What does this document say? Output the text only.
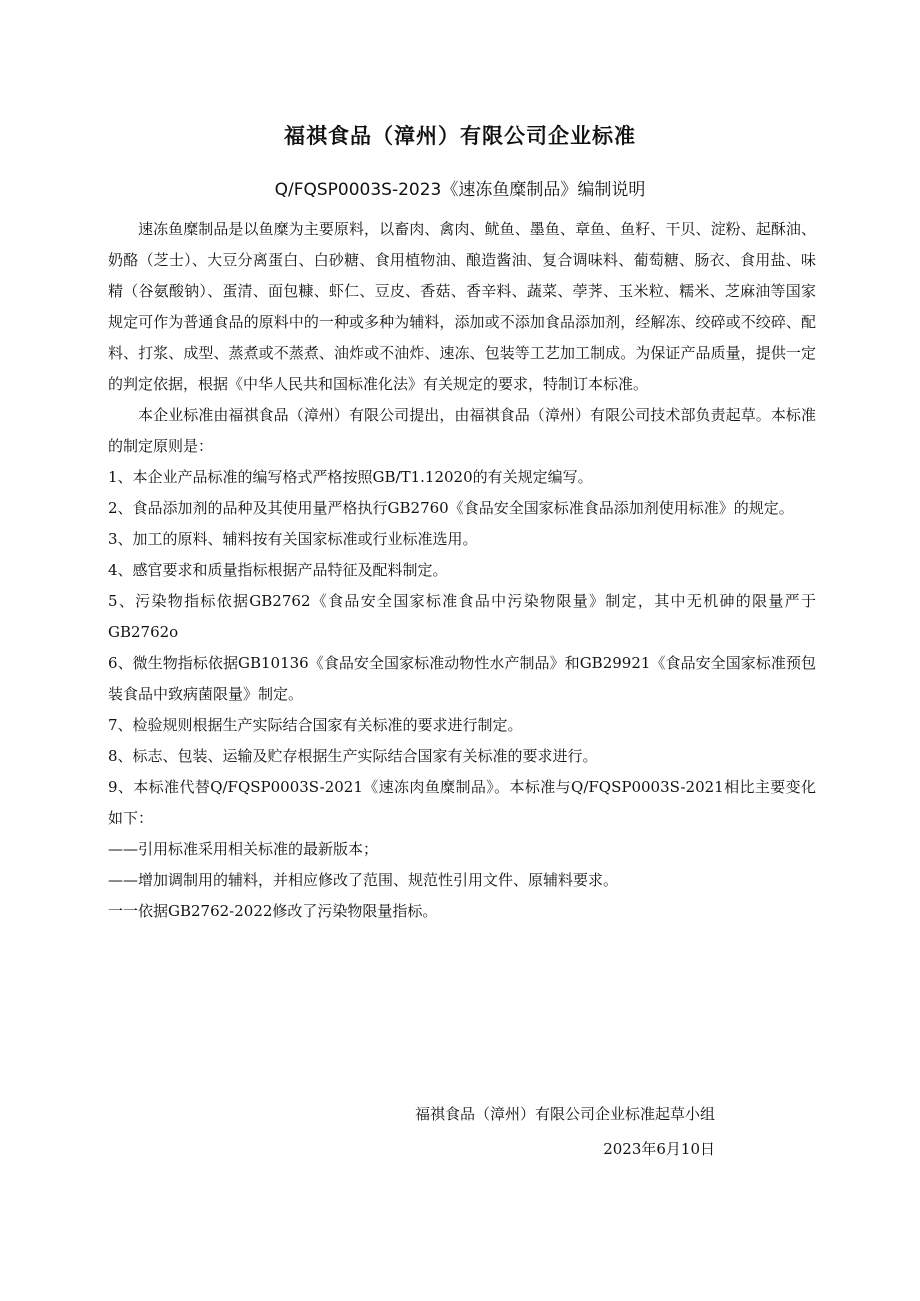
福祺食品（漳州）有限公司企业标准
Q/FQSP0003S-2023《速冻鱼糜制品》编制说明

速冻鱼糜制品是以鱼糜为主要原料，以畜肉、禽肉、鱿鱼、墨鱼、章鱼、鱼籽、干贝、淀粉、起酥油、奶酪（芝士）、大豆分离蛋白、白砂糖、食用植物油、酿造酱油、复合调味料、葡萄糖、肠衣、食用盐、味精（谷氨酸钠）、蛋清、面包糠、虾仁、豆皮、香菇、香辛料、蔬菜、荸荠、玉米粒、糯米、芝麻油等国家规定可作为普通食品的原料中的一种或多种为辅料，添加或不添加食品添加剂，经解冻、绞碎或不绞碎、配料、打浆、成型、蒸煮或不蒸煮、油炸或不油炸、速冻、包装等工艺加工制成。为保证产品质量，提供一定的判定依据，根据《中华人民共和国标准化法》有关规定的要求，特制订本标准。

本企业标准由福祺食品（漳州）有限公司提出，由福祺食品（漳州）有限公司技术部负责起草。本标准的制定原则是：

1、本企业产品标准的编写格式严格按照GB/T1.12020的有关规定编写。

2、食品添加剂的品种及其使用量严格执行GB2760《食品安全国家标准食品添加剂使用标准》的规定。

3、加工的原料、辅料按有关国家标准或行业标准选用。

4、感官要求和质量指标根据产品特征及配料制定。

5、污染物指标依据GB2762《食品安全国家标准食品中污染物限量》制定，其中无机砷的限量严于GB2762o

6、微生物指标依据GB10136《食品安全国家标准动物性水产制品》和GB29921《食品安全国家标准预包装食品中致病菌限量》制定。

7、检验规则根据生产实际结合国家有关标准的要求进行制定。

8、标志、包装、运输及贮存根据生产实际结合国家有关标准的要求进行。

9、本标准代替Q/FQSP0003S-2021《速冻肉鱼糜制品》。本标准与Q/FQSP0003S-2021相比主要变化如下：

——引用标准采用相关标准的最新版本；

——增加调制用的辅料，并相应修改了范围、规范性引用文件、原辅料要求。

一一依据GB2762-2022修改了污染物限量指标。

福祺食品（漳州）有限公司企业标准起草小组
2023年6月10日
